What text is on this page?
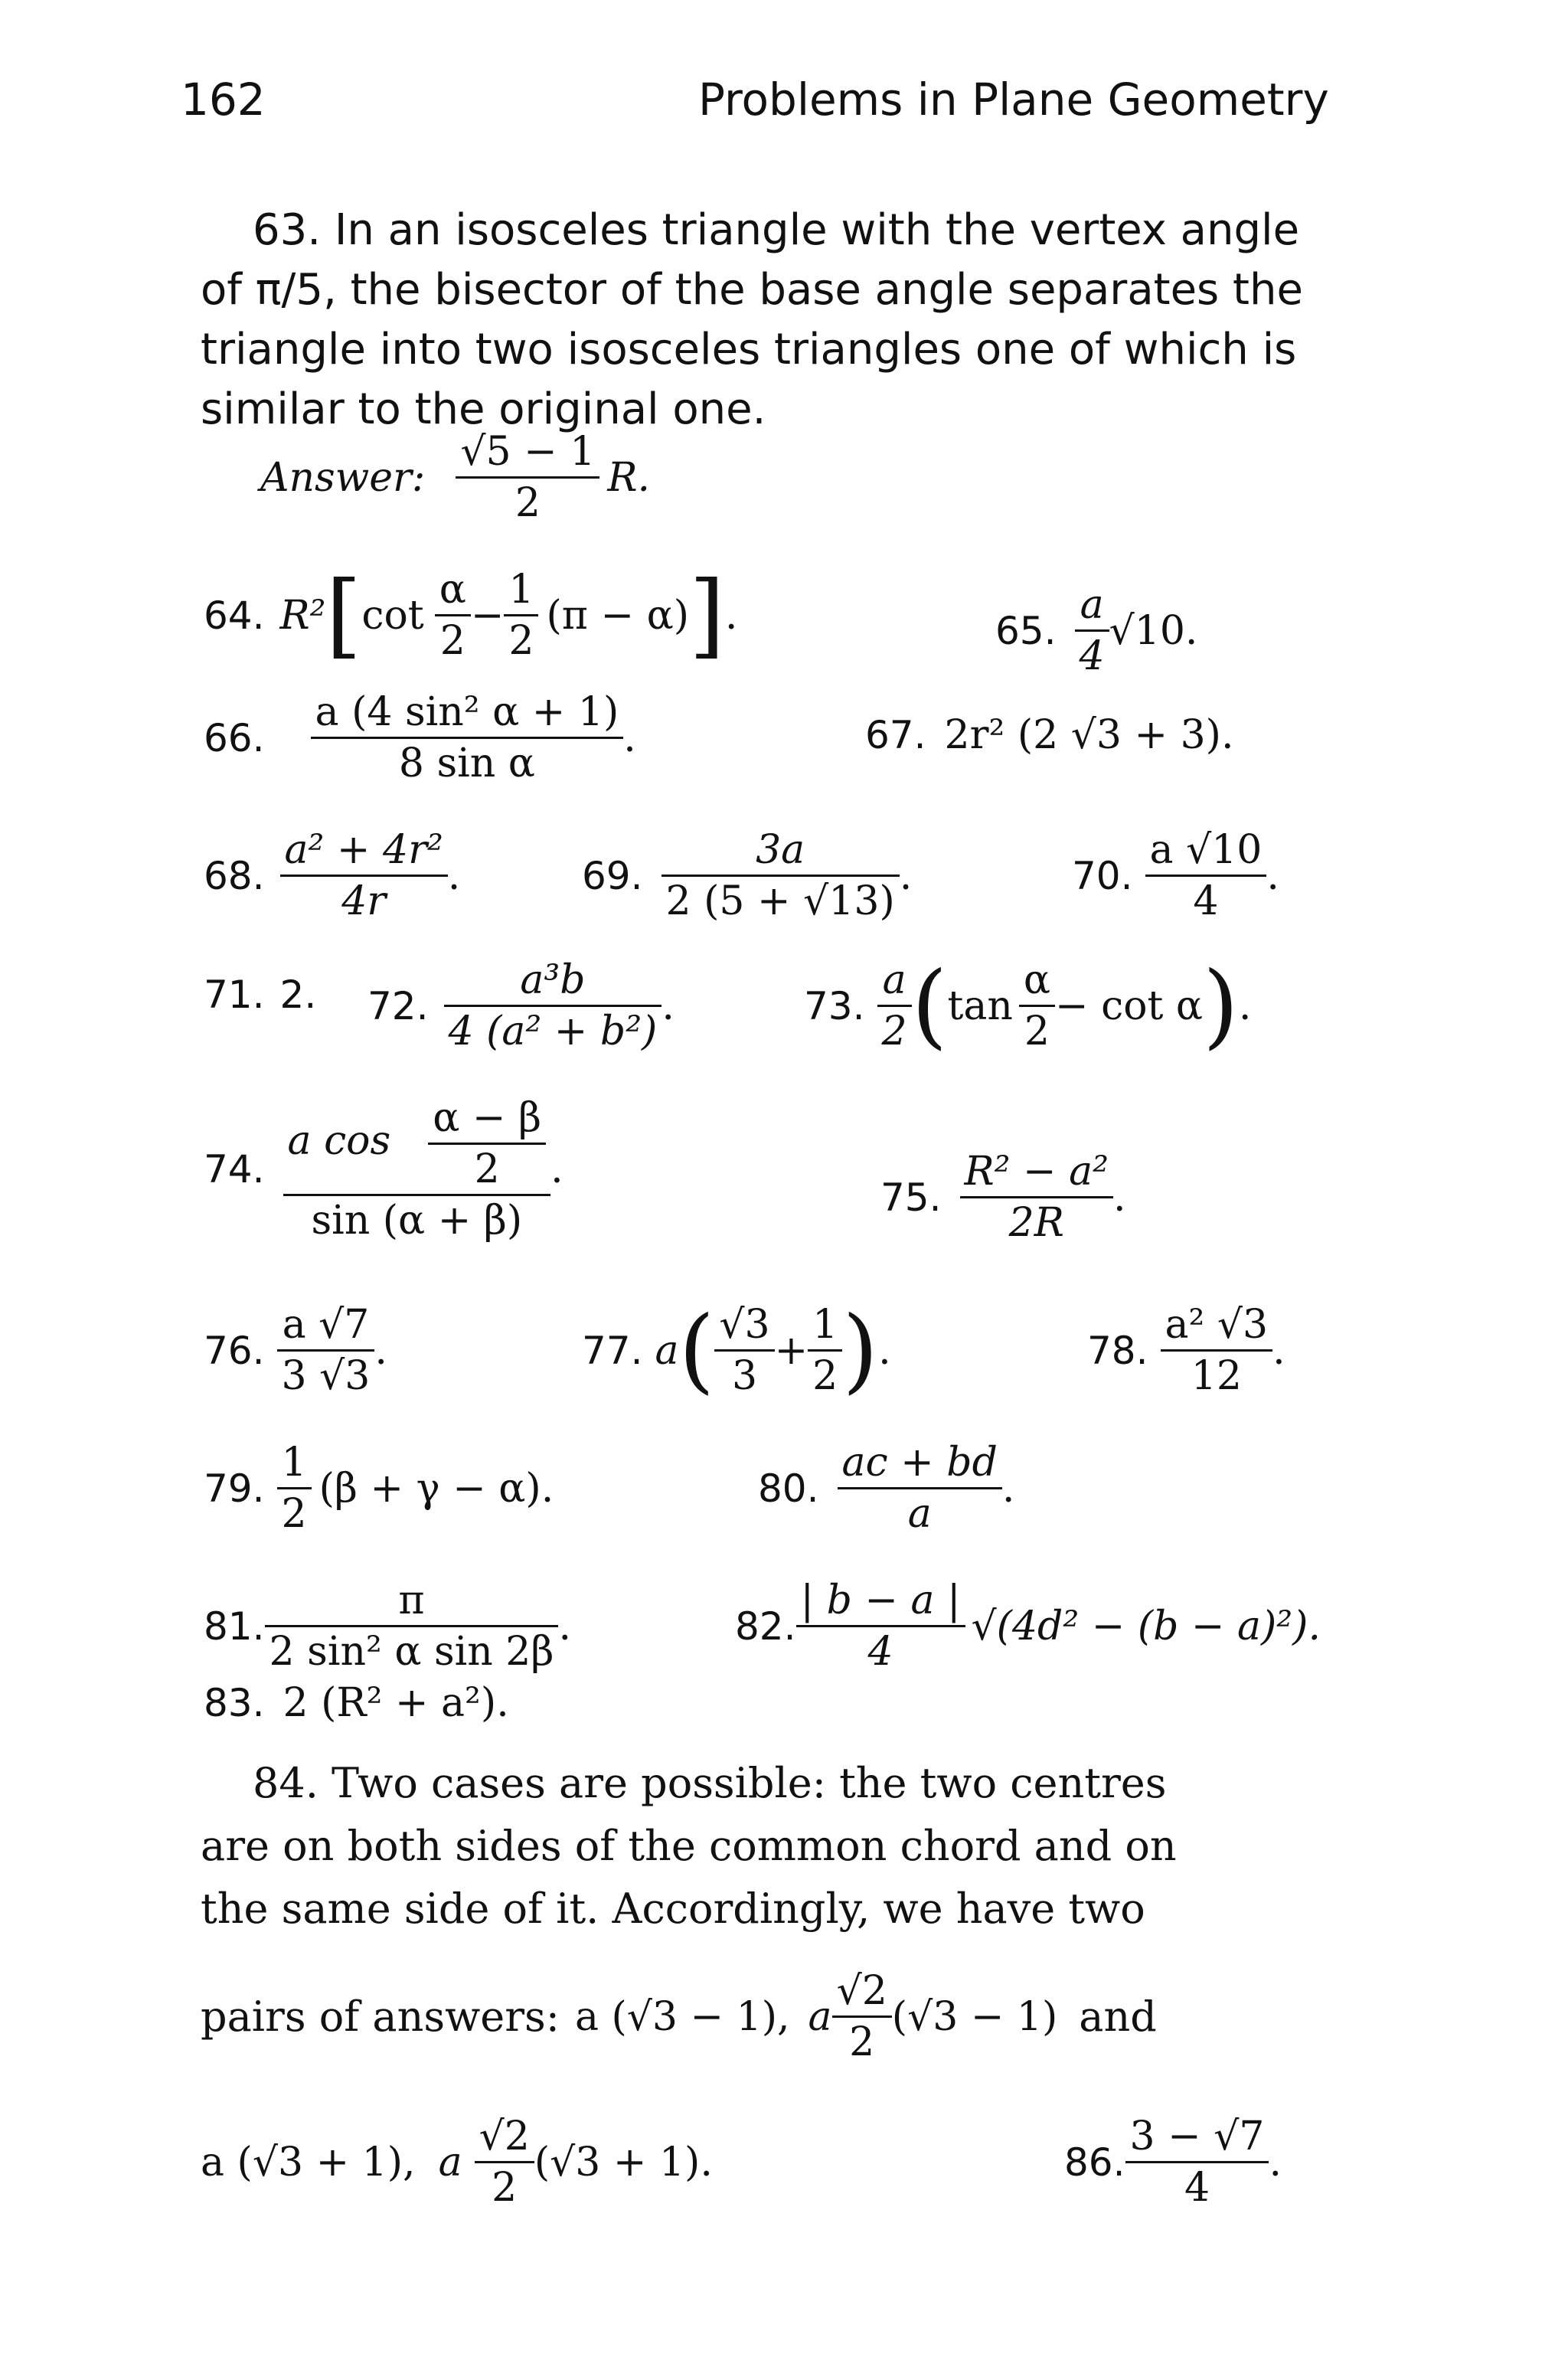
162	Problems in Plane Geometry
63. In an isosceles triangle with the vertex angle
of π/5, the bisector of the base angle separates the
triangle into two isosceles triangles one of which is
similar to the original one.
Answer: $\frac{√5 - 1}{2} R$.
64. R² [ $\cot \frac{\alpha}{2} - \frac{1}{2} (\pi - \alpha)$ ] .	65. $\frac{a}{4} √10$.
66. $\frac{\text{a (4 sin² α + 1)}}{\text{8 sin α}}$ .	67. 2r² (2 √3 + 3).
68. $\frac{\text{a² + 4r²}}{4r}$ .	69. $\frac{3a}{2 (5 + √13)}$ .	70. $\frac{a √10}{4}$ .
71. 2. 72. $\frac{\text{a³b}}{\text{4 (a² + b²)}}$ .	73. $\frac{a}{2}$ ( $\tan \frac{\alpha}{2} - \cot \alpha$ ) .
74. $\frac{a \cos \frac{\alpha - \beta}{2}}{\sin (\alpha + \beta)}$ .
75. $\frac{\text{R² − a²}}{2R}$ .
76. $\frac{a √7}{3 √3}$ .	77. a ( $\frac{√3}{3} + \frac{1}{2}$ ) .	78. $\frac{\text{a² √3}}{12}$ .
79. $\frac{1}{2} (\beta + \gamma - \alpha)$.	80. $\frac{ac + bd}{a}$ .
81. $\frac{\pi}{\text{2 sin² α sin 2β}}$ .	82. $\frac{| b - a |}{4} √(4d^2 - (b - a)^2)$.
83. 2 (R² + a²).
84. Two cases are possible: the two centres
are on both sides of the common chord and on
the same side of it. Accordingly, we have two
pairs of answers: a (√3 − 1), a $\frac{√2}{2} (√3 - 1)$ and
a (√3 + 1), a $\frac{√2}{2} (√3 + 1)$.	86. $\frac{3 - √7}{4}$ .
